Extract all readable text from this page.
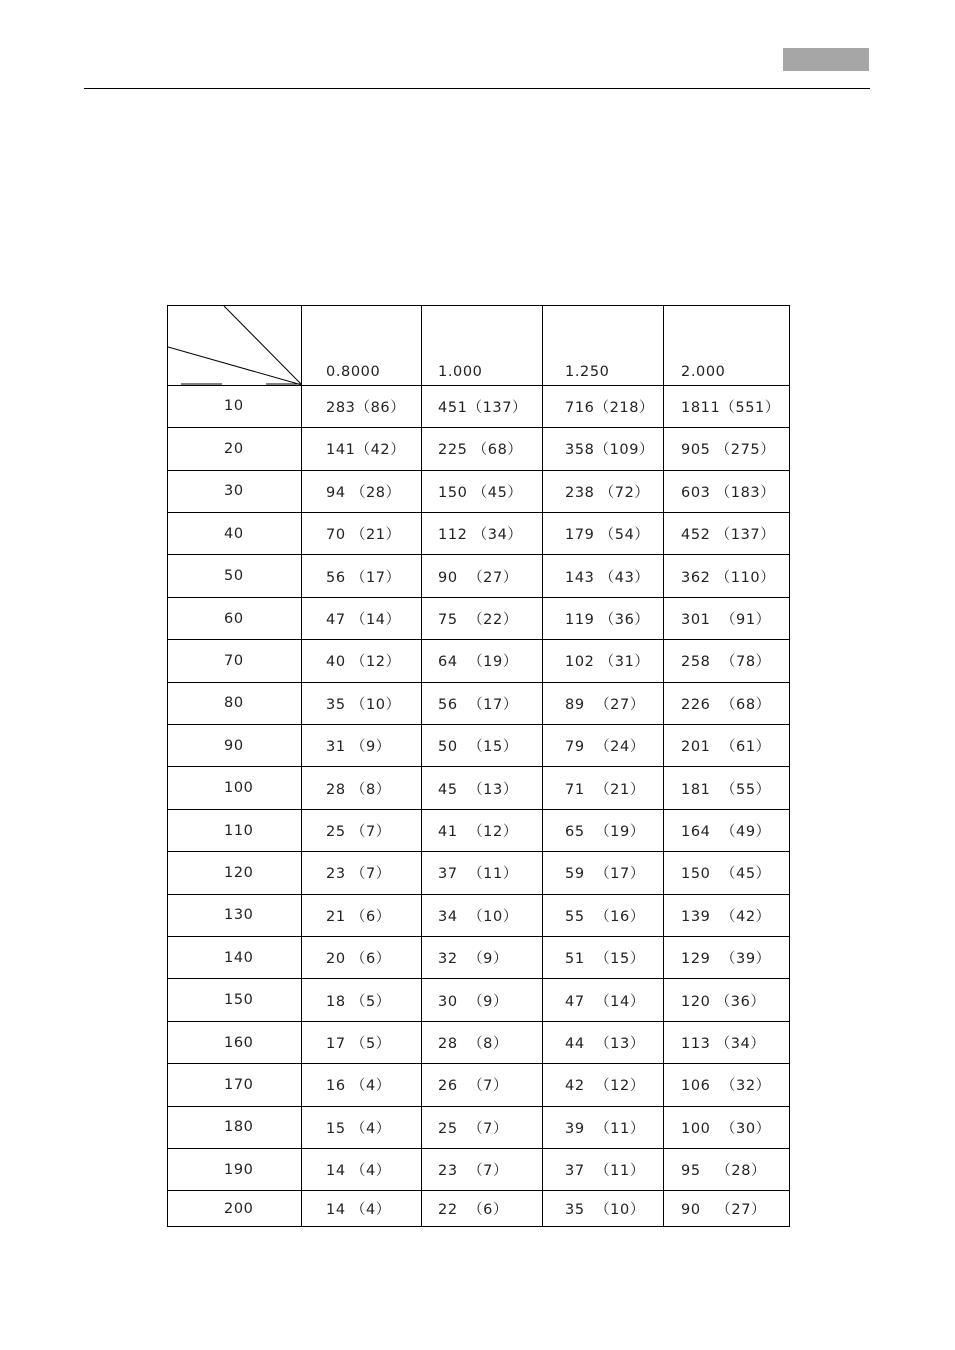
	0.8000	1.000	1.250	2.000
10	283（86）	451（137）	716（218）	1811（551）
20	141（42）	225 （68）	358（109）	905 （275）
30	94 （28）	150 （45）	238 （72）	603 （183）
40	70 （21）	112 （34）	179 （54）	452 （137）
50	56 （17）	90  （27）	143 （43）	362 （110）
60	47 （14）	75  （22）	119 （36）	301  （91）
70	40 （12）	64  （19）	102 （31）	258  （78）
80	35 （10）	56  （17）	89  （27）	226  （68）
90	31 （9）	50  （15）	79  （24）	201  （61）
100	28 （8）	45  （13）	71  （21）	181  （55）
110	25 （7）	41  （12）	65  （19）	164  （49）
120	23 （7）	37  （11）	59  （17）	150  （45）
130	21 （6）	34  （10）	55  （16）	139  （42）
140	20 （6）	32  （9）	51  （15）	129  （39）
150	18 （5）	30  （9）	47  （14）	120 （36）
160	17 （5）	28  （8）	44  （13）	113 （34）
170	16 （4）	26  （7）	42  （12）	106  （32）
180	15 （4）	25  （7）	39  （11）	100  （30）
190	14 （4）	23  （7）	37  （11）	95   （28）
200	14 （4）	22  （6）	35  （10）	90   （27）
